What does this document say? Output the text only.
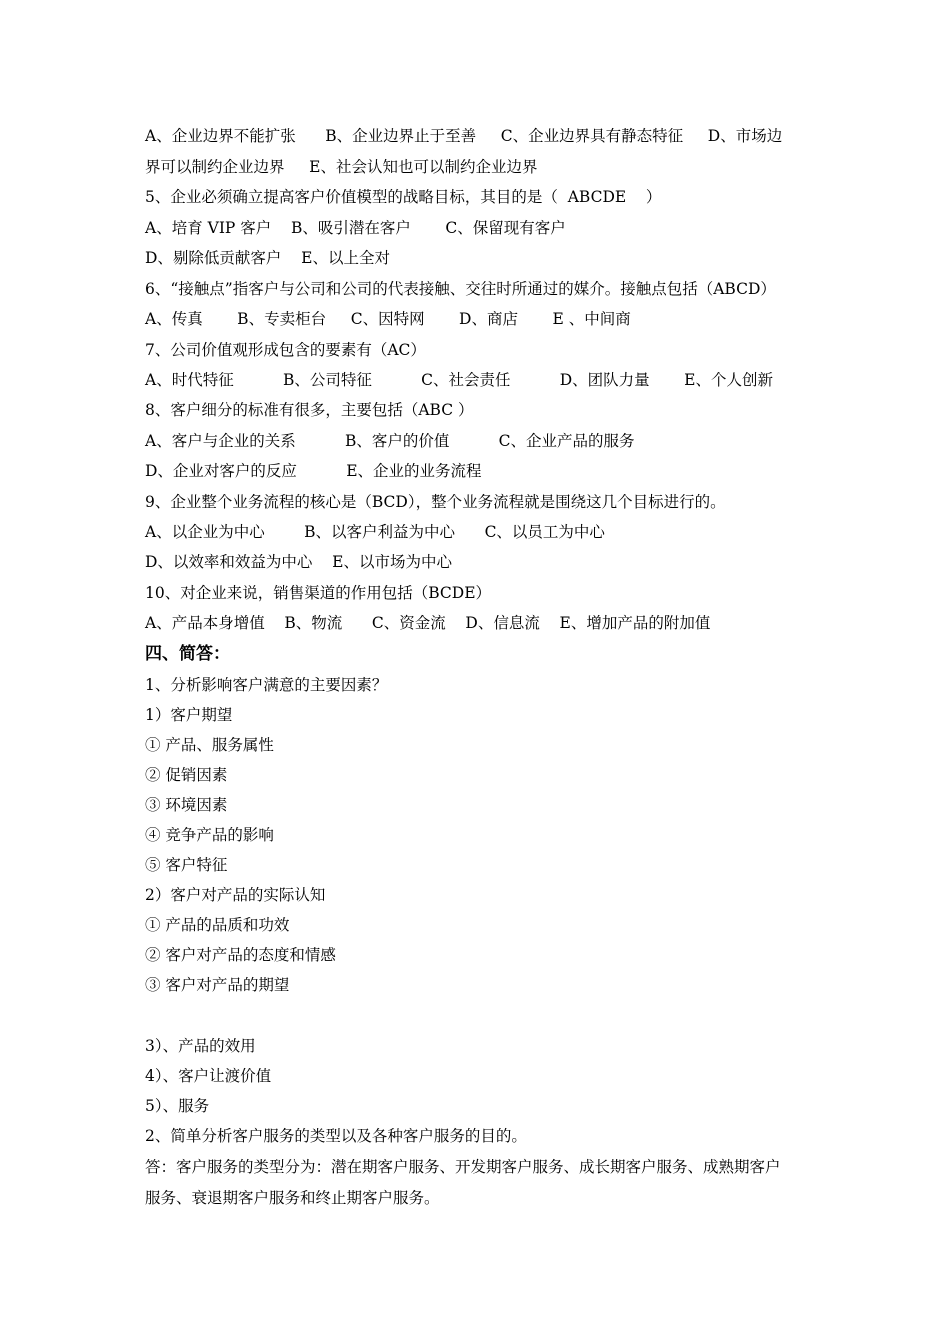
A、企业边界不能扩张      B、企业边界止于至善     C、企业边界具有静态特征     D、市场边
界可以制约企业边界     E、社会认知也可以制约企业边界
5、企业必须确立提高客户价值模型的战略目标，其目的是（  ABCDE    ）
A、培育 VIP 客户    B、吸引潜在客户       C、保留现有客户
D、剔除低贡献客户    E、以上全对
6、“接触点”指客户与公司和公司的代表接触、交往时所通过的媒介。接触点包括（ABCD）
A、传真       B、专卖柜台     C、因特网       D、商店       E 、中间商
7、公司价值观形成包含的要素有（AC）
A、时代特征          B、公司特征          C、社会责任          D、团队力量       E、个人创新
8、客户细分的标准有很多，主要包括（ABC ）
A、客户与企业的关系          B、客户的价值          C、企业产品的服务
D、企业对客户的反应          E、企业的业务流程
9、企业整个业务流程的核心是（BCD），整个业务流程就是围绕这几个目标进行的。
A、以企业为中心        B、以客户利益为中心      C、以员工为中心
D、以效率和效益为中心    E、以市场为中心
10、对企业来说，销售渠道的作用包括（BCDE）
A、产品本身增值    B、物流      C、资金流    D、信息流    E、增加产品的附加值
四、简答：
1、分析影响客户满意的主要因素？
1）客户期望
① 产品、服务属性
② 促销因素
③ 环境因素
④ 竞争产品的影响
⑤ 客户特征
2）客户对产品的实际认知
① 产品的品质和功效
② 客户对产品的态度和情感
③ 客户对产品的期望
3）、产品的效用
4）、客户让渡价值
5）、服务
2、简单分析客户服务的类型以及各种客户服务的目的。
答：客户服务的类型分为：潜在期客户服务、开发期客户服务、成长期客户服务、成熟期客户
服务、衰退期客户服务和终止期客户服务。
